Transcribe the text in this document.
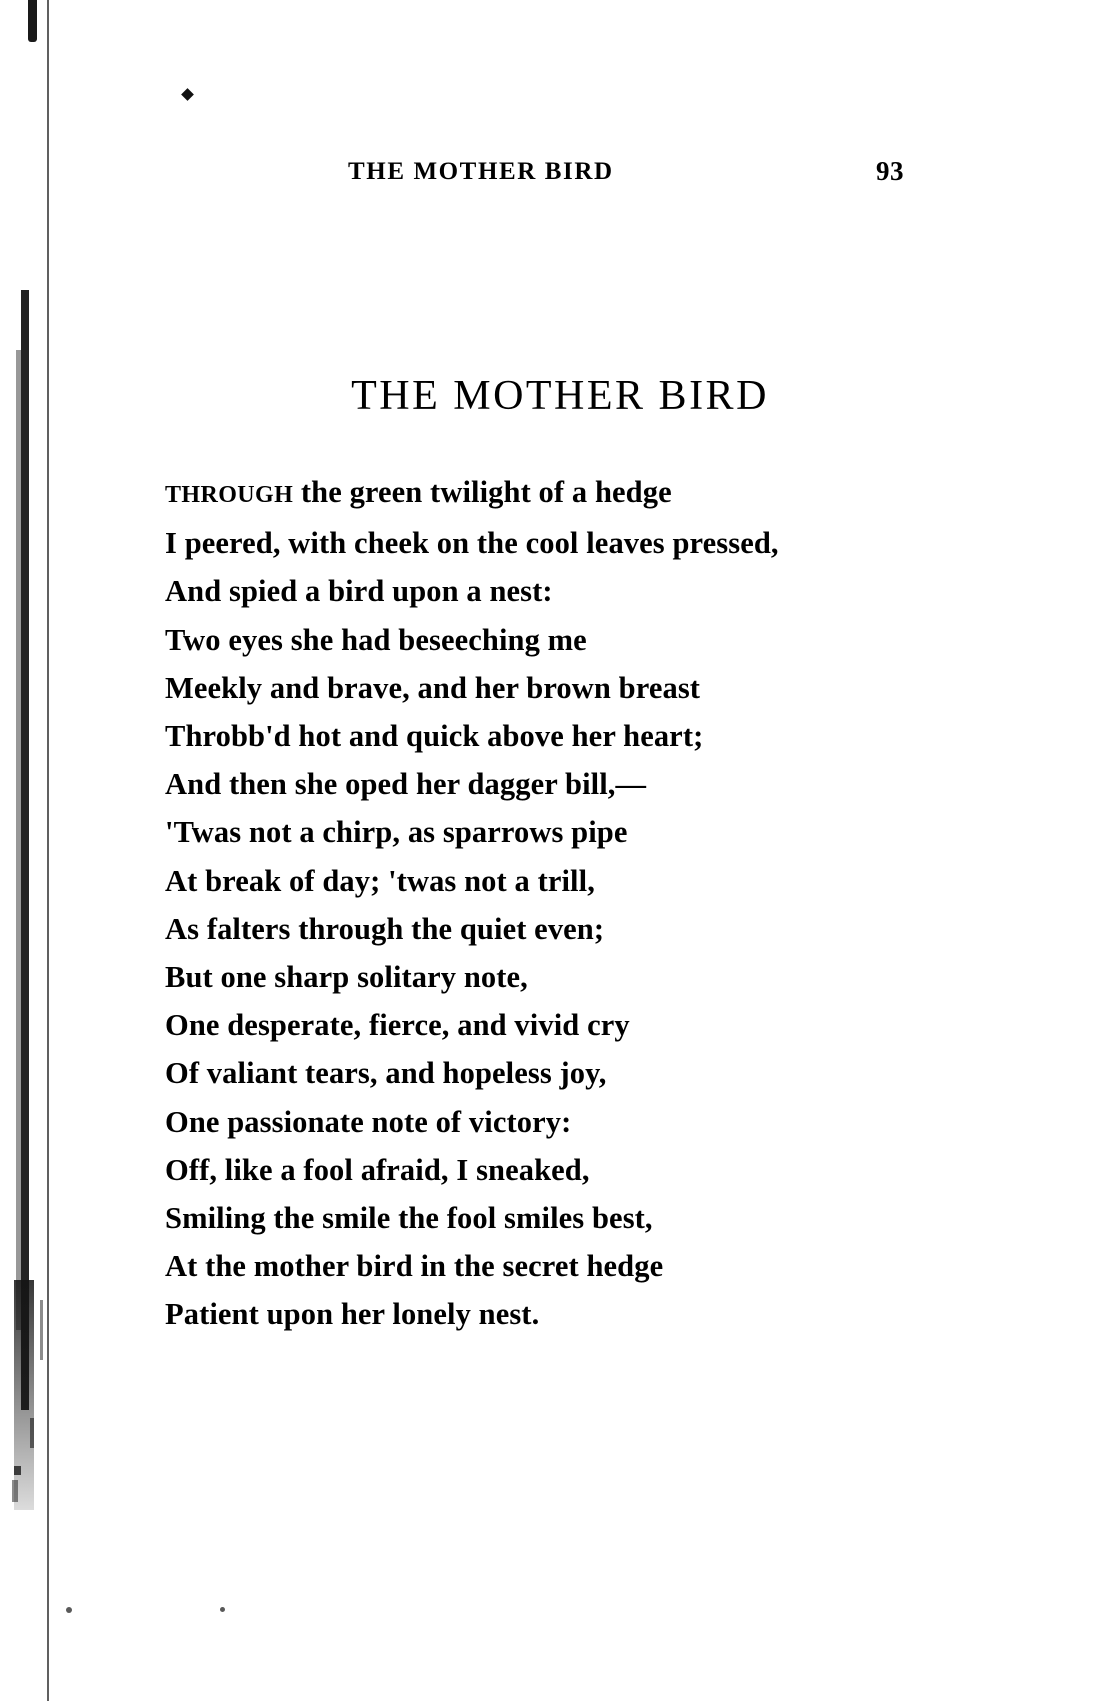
THE MOTHER BIRD	93
THE MOTHER BIRD
THROUGH the green twilight of a hedge
I peered, with cheek on the cool leaves pressed,
And spied a bird upon a nest:
Two eyes she had beseeching me
Meekly and brave, and her brown breast
Throbb'd hot and quick above her heart;
And then she oped her dagger bill,—
'Twas not a chirp, as sparrows pipe
At break of day; 'twas not a trill,
As falters through the quiet even;
But one sharp solitary note,
One desperate, fierce, and vivid cry
Of valiant tears, and hopeless joy,
One passionate note of victory:
Off, like a fool afraid, I sneaked,
Smiling the smile the fool smiles best,
At the mother bird in the secret hedge
Patient upon her lonely nest.
